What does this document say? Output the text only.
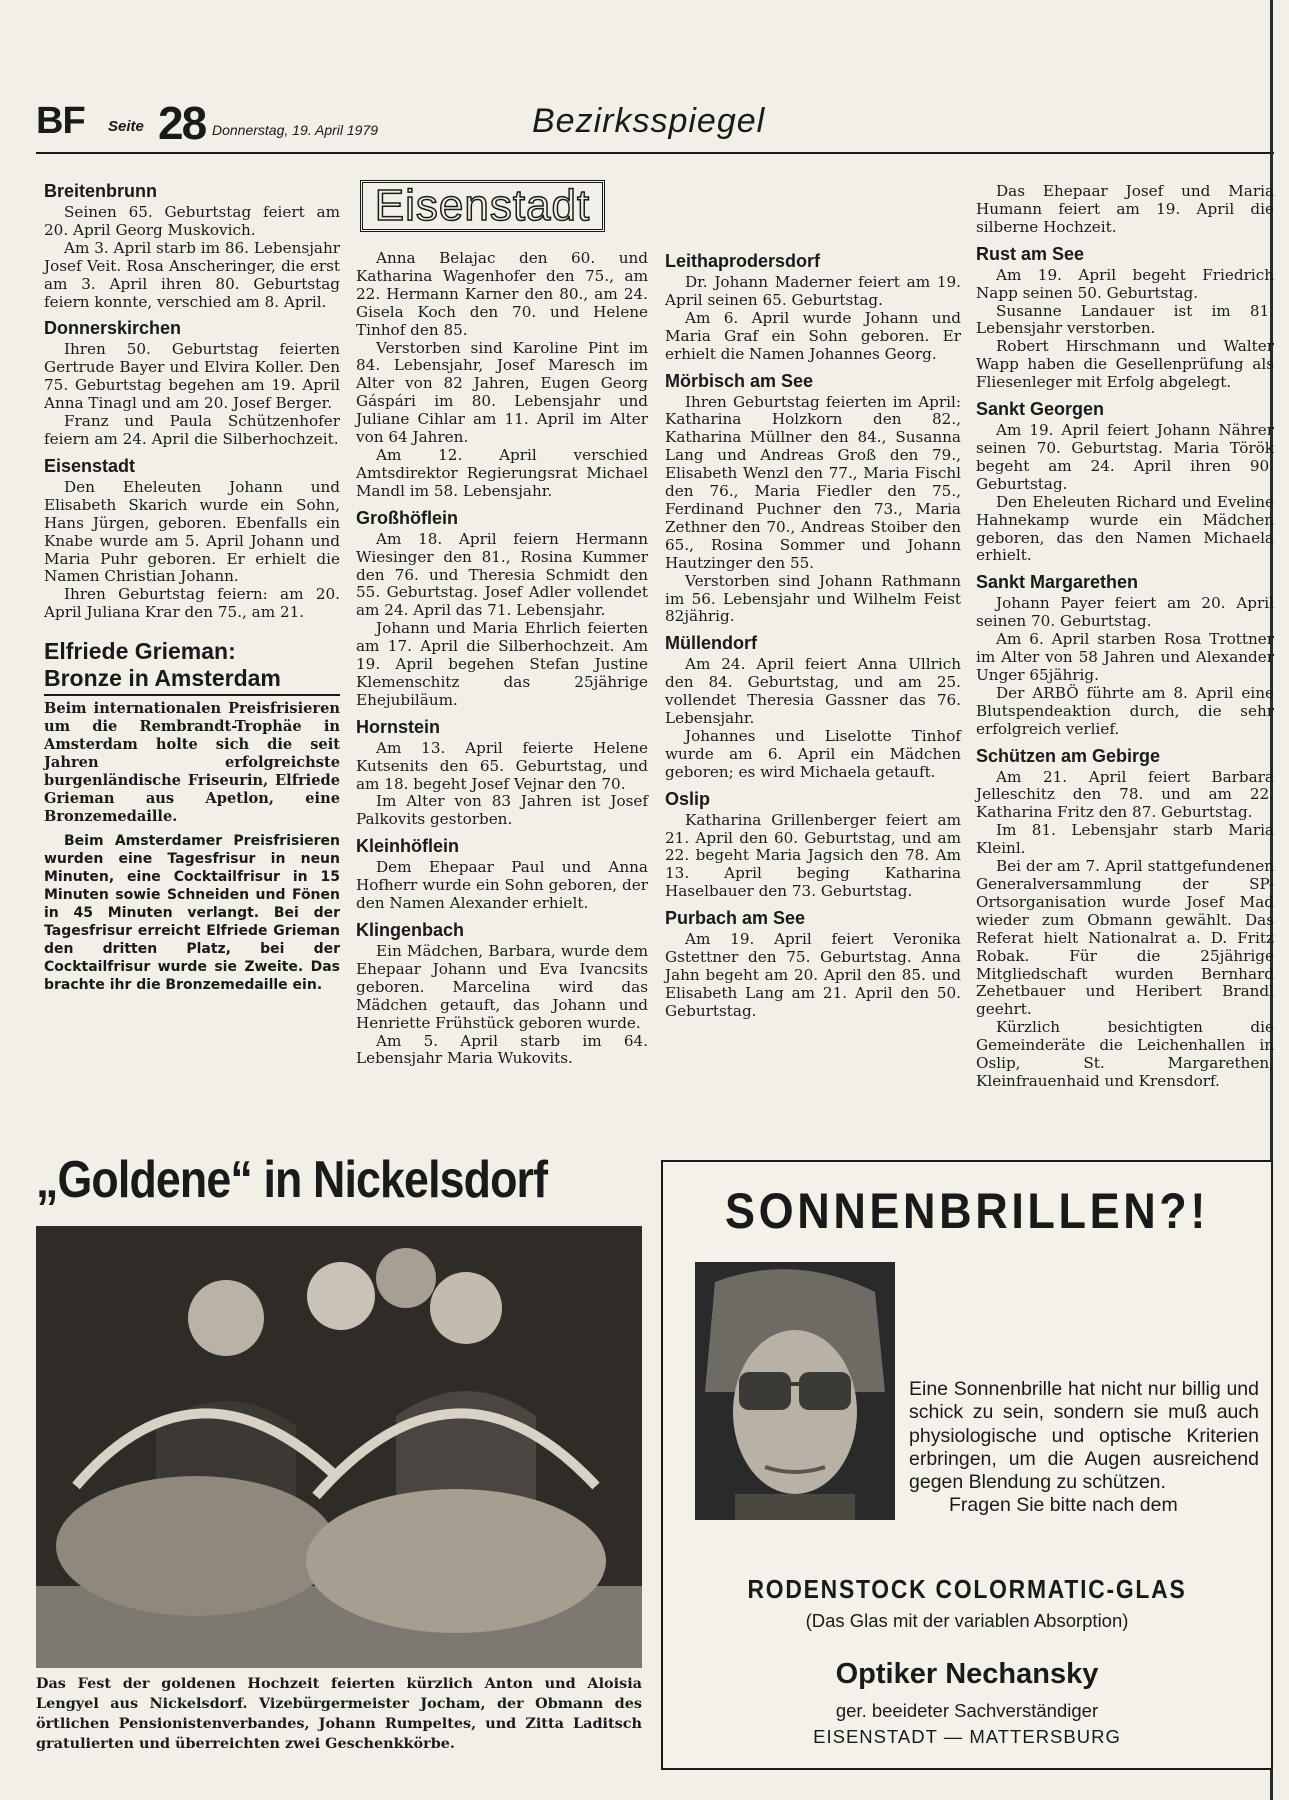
BF Seite 28 Donnerstag, 19. April 1979	Bezirksspiegel
Breitenbrunn

Seinen 65. Geburtstag feiert am 20. April Georg Muskovich.

Am 3. April starb im 86. Lebensjahr Josef Veit. Rosa Anscheringer, die erst am 3. April ihren 80. Geburtstag feiern konnte, verschied am 8. April.

Donnerskirchen

Ihren 50. Geburtstag feierten Gertrude Bayer und Elvira Koller. Den 75. Geburtstag begehen am 19. April Anna Tinagl und am 20. Josef Berger.

Franz und Paula Schützenhofer feiern am 24. April die Silberhochzeit.

Eisenstadt

Den Eheleuten Johann und Elisabeth Skarich wurde ein Sohn, Hans Jürgen, geboren. Ebenfalls ein Knabe wurde am 5. April Johann und Maria Puhr geboren. Er erhielt die Namen Christian Johann.

Ihren Geburtstag feiern: am 20. April Juliana Krar den 75., am 21.

Elfriede Grieman:
Bronze in Amsterdam

Beim internationalen Preisfrisieren um die Rembrandt-Trophäe in Amsterdam holte sich die seit Jahren erfolgreichste burgenländische Friseurin, Elfriede Grieman aus Apetlon, eine Bronzemedaille.

Beim Amsterdamer Preisfrisieren wurden eine Tagesfrisur in neun Minuten, eine Cocktailfrisur in 15 Minuten sowie Schneiden und Fönen in 45 Minuten verlangt. Bei der Tagesfrisur erreicht Elfriede Grieman den dritten Platz, bei der Cocktailfrisur wurde sie Zweite. Das brachte ihr die Bronzemedaille ein.

Eisenstadt

Anna Belajac den 60. und Katharina Wagenhofer den 75., am 22. Hermann Karner den 80., am 24. Gisela Koch den 70. und Helene Tinhof den 85.

Verstorben sind Karoline Pint im 84. Lebensjahr, Josef Maresch im Alter von 82 Jahren, Eugen Georg Gáspári im 80. Lebensjahr und Juliane Cihlar am 11. April im Alter von 64 Jahren.

Am 12. April verschied Amtsdirektor Regierungsrat Michael Mandl im 58. Lebensjahr.

Großhöflein

Am 18. April feiern Hermann Wiesinger den 81., Rosina Kummer den 76. und Theresia Schmidt den 55. Geburtstag. Josef Adler vollendet am 24. April das 71. Lebensjahr.

Johann und Maria Ehrlich feierten am 17. April die Silberhochzeit. Am 19. April begehen Stefan Justine Klemenschitz das 25jährige Ehejubiläum.

Hornstein

Am 13. April feierte Helene Kutsenits den 65. Geburtstag, und am 18. begeht Josef Vejnar den 70.

Im Alter von 83 Jahren ist Josef Palkovits gestorben.

Kleinhöflein

Dem Ehepaar Paul und Anna Hofherr wurde ein Sohn geboren, der den Namen Alexander erhielt.

Klingenbach

Ein Mädchen, Barbara, wurde dem Ehepaar Johann und Eva Ivancsits geboren. Marcelina wird das Mädchen getauft, das Johann und Henriette Frühstück geboren wurde.

Am 5. April starb im 64. Lebensjahr Maria Wukovits.

Leithaprodersdorf

Dr. Johann Maderner feiert am 19. April seinen 65. Geburtstag.

Am 6. April wurde Johann und Maria Graf ein Sohn geboren. Er erhielt die Namen Johannes Georg.

Mörbisch am See

Ihren Geburtstag feierten im April: Katharina Holzkorn den 82., Katharina Müllner den 84., Susanna Lang und Andreas Groß den 79., Elisabeth Wenzl den 77., Maria Fischl den 76., Maria Fiedler den 75., Ferdinand Puchner den 73., Maria Zethner den 70., Andreas Stoiber den 65., Rosina Sommer und Johann Hautzinger den 55.

Verstorben sind Johann Rathmann im 56. Lebensjahr und Wilhelm Feist 82jährig.

Müllendorf

Am 24. April feiert Anna Ullrich den 84. Geburtstag, und am 25. vollendet Theresia Gassner das 76. Lebensjahr.

Johannes und Liselotte Tinhof wurde am 6. April ein Mädchen geboren; es wird Michaela getauft.

Oslip

Katharina Grillenberger feiert am 21. April den 60. Geburtstag, und am 22. begeht Maria Jagsich den 78. Am 13. April beging Katharina Haselbauer den 73. Geburtstag.

Purbach am See

Am 19. April feiert Veronika Gstettner den 75. Geburtstag. Anna Jahn begeht am 20. April den 85. und Elisabeth Lang am 21. April den 50. Geburtstag.

Das Ehepaar Josef und Maria Humann feiert am 19. April die silberne Hochzeit.

Rust am See

Am 19. April begeht Friedrich Napp seinen 50. Geburtstag.

Susanne Landauer ist im 81. Lebensjahr verstorben.

Robert Hirschmann und Walter Wapp haben die Gesellenprüfung als Fliesenleger mit Erfolg abgelegt.

Sankt Georgen

Am 19. April feiert Johann Nährer seinen 70. Geburtstag. Maria Török begeht am 24. April ihren 90. Geburtstag.

Den Eheleuten Richard und Eveline Hahnekamp wurde ein Mädchen geboren, das den Namen Michaela erhielt.

Sankt Margarethen

Johann Payer feiert am 20. April seinen 70. Geburtstag.

Am 6. April starben Rosa Trottner im Alter von 58 Jahren und Alexander Unger 65jährig.

Der ARBÖ führte am 8. April eine Blutspendeaktion durch, die sehr erfolgreich verlief.

Schützen am Gebirge

Am 21. April feiert Barbara Jelleschitz den 78. und am 22. Katharina Fritz den 87. Geburtstag.

Im 81. Lebensjahr starb Maria Kleinl.

Bei der am 7. April stattgefundenen Generalversammlung der SP-Ortsorganisation wurde Josef Mad wieder zum Obmann gewählt. Das Referat hielt Nationalrat a. D. Fritz Robak. Für die 25jährige Mitgliedschaft wurden Bernhard Zehetbauer und Heribert Brandl geehrt.

Kürzlich besichtigten die Gemeinderäte die Leichenhallen in Oslip, St. Margarethen, Kleinfrauenhaid und Krensdorf.

„Goldene“ in Nickelsdorf
Das Fest der goldenen Hochzeit feierten kürzlich Anton und Aloisia Lengyel aus Nickelsdorf. Vizebürgermeister Jocham, der Obmann des örtlichen Pensionistenverbandes, Johann Rumpeltes, und Zitta Laditsch gratulierten und überreichten zwei Geschenkkörbe.
SONNENBRILLEN?!
Eine Sonnenbrille hat nicht nur billig und schick zu sein, sondern sie muß auch physiologische und optische Kriterien erbringen, um die Augen ausreichend gegen Blendung zu schützen.
Fragen Sie bitte nach dem
RODENSTOCK COLORMATIC-GLAS
(Das Glas mit der variablen Absorption)
Optiker Nechansky
ger. beeideter Sachverständiger
EISENSTADT — MATTERSBURG
